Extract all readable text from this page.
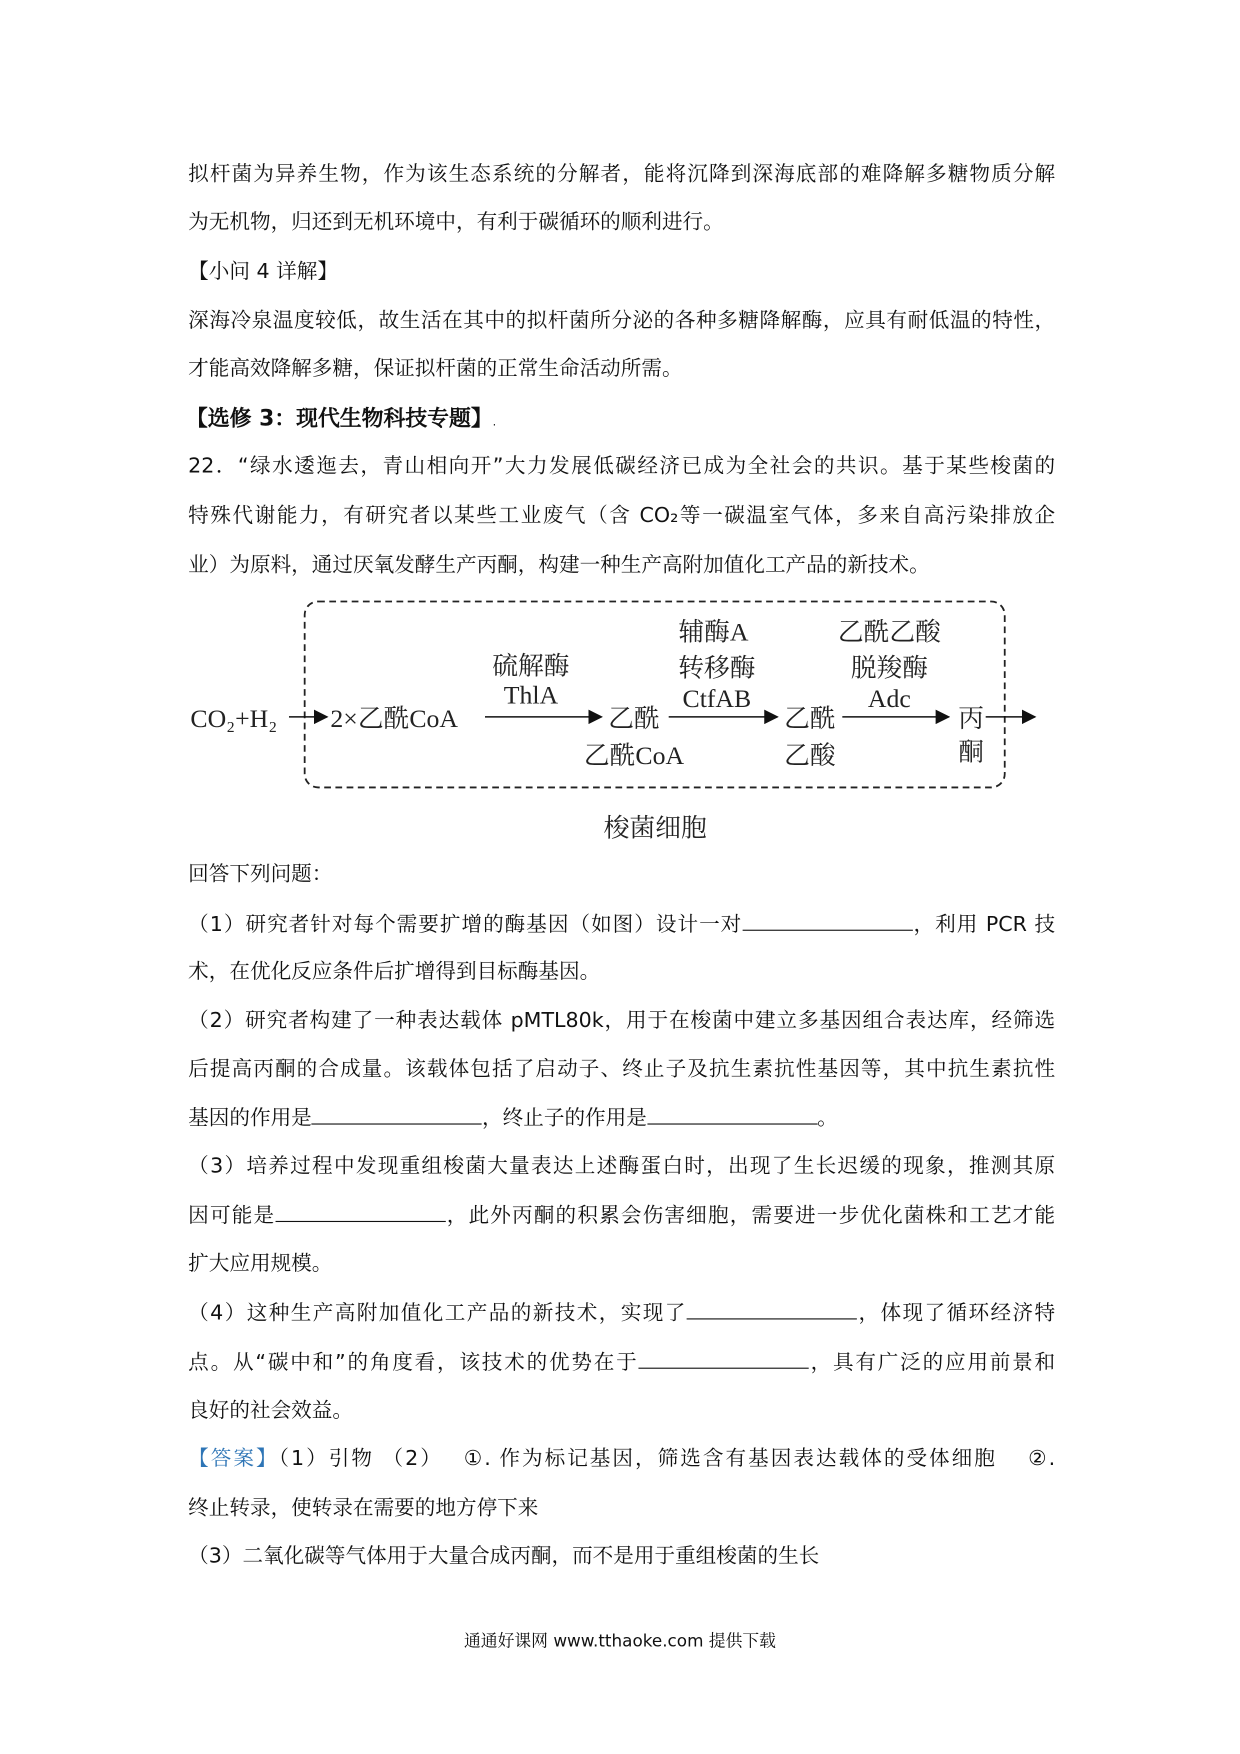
拟杆菌为异养生物，作为该生态系统的分解者，能将沉降到深海底部的难降解多糖物质分解
为无机物，归还到无机环境中，有利于碳循环的顺利进行。
【小问 4 详解】
深海冷泉温度较低，故生活在其中的拟杆菌所分泌的各种多糖降解酶，应具有耐低温的特性，
才能高效降解多糖，保证拟杆菌的正常生命活动所需。
【选修 3：现代生物科技专题】.
22．“绿水逶迤去，青山相向开”大力发展低碳经济已成为全社会的共识。基于某些梭菌的
特殊代谢能力，有研究者以某些工业废气（含 CO₂等一碳温室气体，多来自高污染排放企
业）为原料，通过厌氧发酵生产丙酮，构建一种生产高附加值化工产品的新技术。
CO₂+H₂ 2×乙酰CoA
硫解酶
ThlA
乙酰
乙酰CoA
辅酶A
转移酶
CtfAB
乙酰
乙酸
乙酰乙酸
脱羧酶
Adc
丙
酮
梭菌细胞
回答下列问题：
（1）研究者针对每个需要扩增的酶基因（如图）设计一对	，利用 PCR 技
术，在优化反应条件后扩增得到目标酶基因。
（2）研究者构建了一种表达载体 pMTL80k，用于在梭菌中建立多基因组合表达库，经筛选
后提高丙酮的合成量。该载体包括了启动子、终止子及抗生素抗性基因等，其中抗生素抗性
基因的作用是	，终止子的作用是	。
（3）培养过程中发现重组梭菌大量表达上述酶蛋白时，出现了生长迟缓的现象，推测其原
因可能是	，此外丙酮的积累会伤害细胞，需要进一步优化菌株和工艺才能
扩大应用规模。
（4）这种生产高附加值化工产品的新技术，实现了	，体现了循环经济特
点。从“碳中和”的角度看，该技术的优势在于	，具有广泛的应用前景和
良好的社会效益。
【答案】（1）引物 （2）　 ①. 作为标记基因，筛选含有基因表达载体的受体细胞　 ②.
终止转录，使转录在需要的地方停下来
（3）二氧化碳等气体用于大量合成丙酮，而不是用于重组梭菌的生长
通通好课网 www.tthaoke.com 提供下载
